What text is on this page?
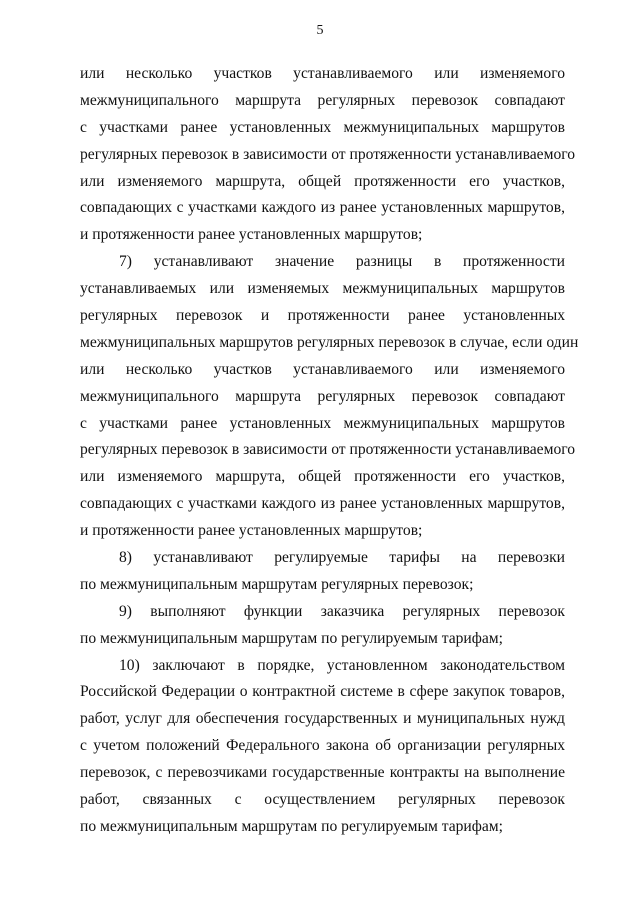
5
или несколько участков устанавливаемого или изменяемого
межмуниципального маршрута регулярных перевозок совпадают
с участками ранее установленных межмуниципальных маршрутов
регулярных перевозок в зависимости от протяженности устанавливаемого
или изменяемого маршрута, общей протяженности его участков,
совпадающих с участками каждого из ранее установленных маршрутов,
и протяженности ранее установленных маршрутов;
7) устанавливают значение разницы в протяженности
устанавливаемых или изменяемых межмуниципальных маршрутов
регулярных перевозок и протяженности ранее установленных
межмуниципальных маршрутов регулярных перевозок в случае, если один
или несколько участков устанавливаемого или изменяемого
межмуниципального маршрута регулярных перевозок совпадают
с участками ранее установленных межмуниципальных маршрутов
регулярных перевозок в зависимости от протяженности устанавливаемого
или изменяемого маршрута, общей протяженности его участков,
совпадающих с участками каждого из ранее установленных маршрутов,
и протяженности ранее установленных маршрутов;
8) устанавливают регулируемые тарифы на перевозки
по межмуниципальным маршрутам регулярных перевозок;
9) выполняют функции заказчика регулярных перевозок
по межмуниципальным маршрутам по регулируемым тарифам;
10) заключают в порядке, установленном законодательством
Российской Федерации о контрактной системе в сфере закупок товаров,
работ, услуг для обеспечения государственных и муниципальных нужд
с учетом положений Федерального закона об организации регулярных
перевозок, с перевозчиками государственные контракты на выполнение
работ, связанных с осуществлением регулярных перевозок
по межмуниципальным маршрутам по регулируемым тарифам;
